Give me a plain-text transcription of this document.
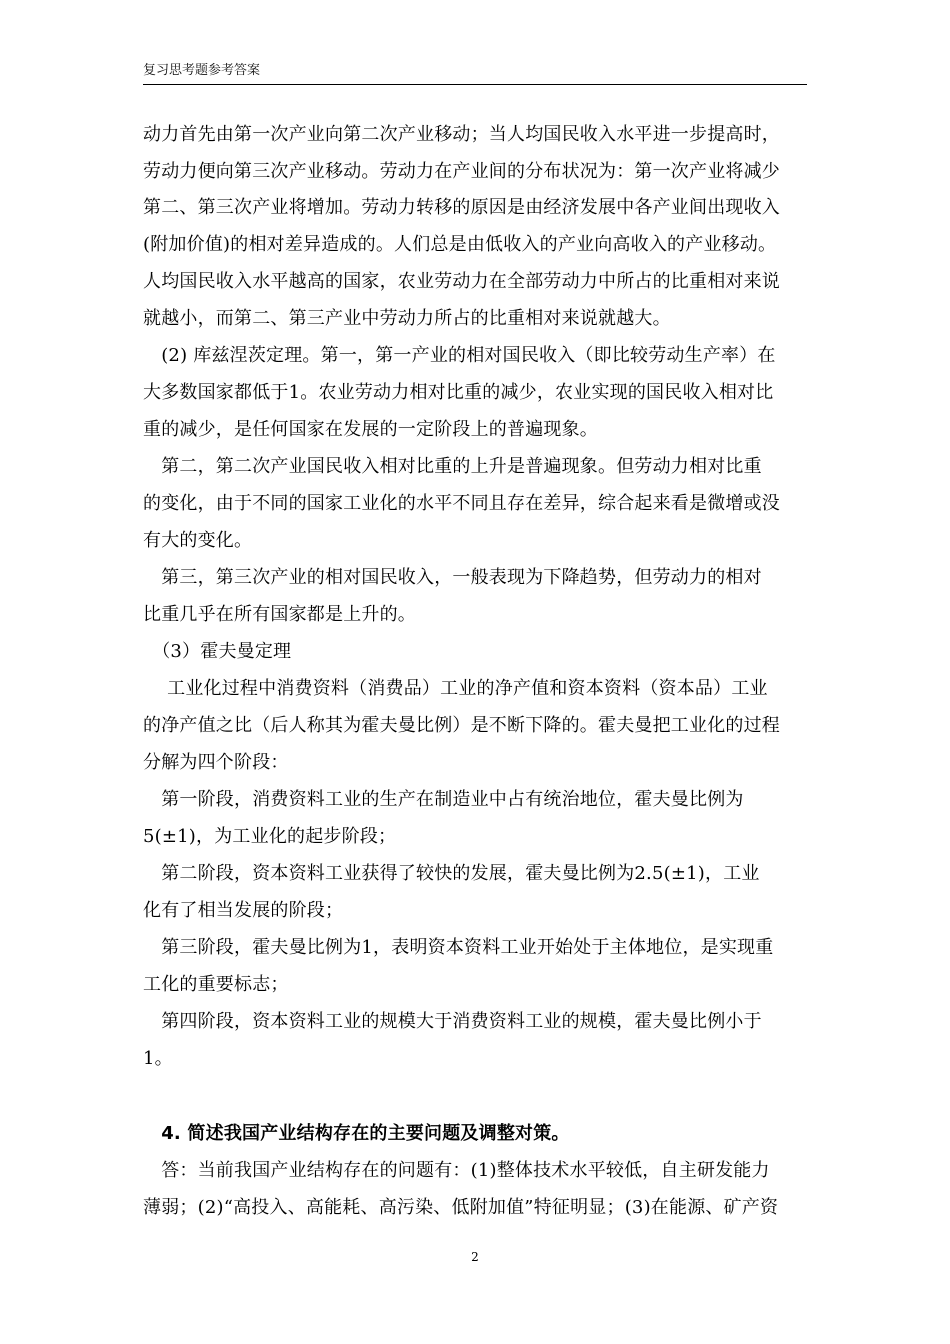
复习思考题参考答案
动力首先由第一次产业向第二次产业移动；当人均国民收入水平进一步提高时，
劳动力便向第三次产业移动。劳动力在产业间的分布状况为：第一次产业将减少
第二、第三次产业将增加。劳动力转移的原因是由经济发展中各产业间出现收入
(附加价值)的相对差异造成的。人们总是由低收入的产业向高收入的产业移动。
人均国民收入水平越高的国家，农业劳动力在全部劳动力中所占的比重相对来说
就越小，而第二、第三产业中劳动力所占的比重相对来说就越大。
　(2) 库兹涅茨定理。第一，第一产业的相对国民收入（即比较劳动生产率）在
大多数国家都低于1。农业劳动力相对比重的减少，农业实现的国民收入相对比
重的减少，是任何国家在发展的一定阶段上的普遍现象。
　第二，第二次产业国民收入相对比重的上升是普遍现象。但劳动力相对比重
的变化，由于不同的国家工业化的水平不同且存在差异，综合起来看是微增或没
有大的变化。
　第三，第三次产业的相对国民收入，一般表现为下降趋势，但劳动力的相对
比重几乎在所有国家都是上升的。
　（3）霍夫曼定理
　 工业化过程中消费资料（消费品）工业的净产值和资本资料（资本品）工业
的净产值之比（后人称其为霍夫曼比例）是不断下降的。霍夫曼把工业化的过程
分解为四个阶段：
　第一阶段，消费资料工业的生产在制造业中占有统治地位，霍夫曼比例为
5(±1)，为工业化的起步阶段；
　第二阶段，资本资料工业获得了较快的发展，霍夫曼比例为2.5(±1)，工业
化有了相当发展的阶段；
　第三阶段，霍夫曼比例为1，表明资本资料工业开始处于主体地位，是实现重
工化的重要标志；
　第四阶段，资本资料工业的规模大于消费资料工业的规模，霍夫曼比例小于
1。
　4. 简述我国产业结构存在的主要问题及调整对策。
　答：当前我国产业结构存在的问题有：(1)整体技术水平较低，自主研发能力
薄弱；(2)“高投入、高能耗、高污染、低附加值”特征明显；(3)在能源、矿产资
2
